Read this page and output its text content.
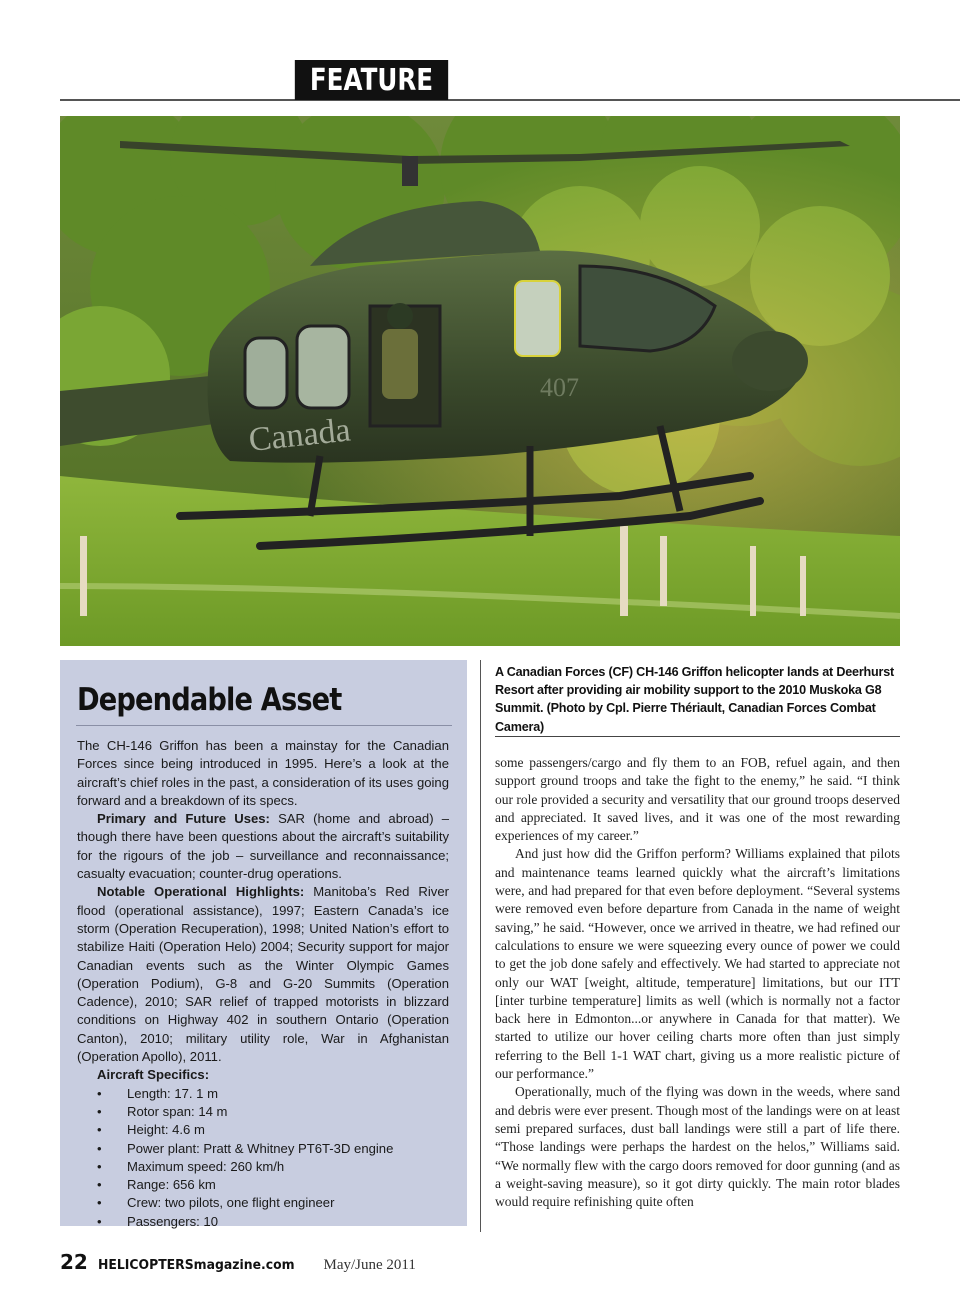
FEATURE
Canada
407
Dependable Asset

The CH-146 Griffon has been a mainstay for the Canadian Forces since being introduced in 1995. Here’s a look at the aircraft’s chief roles in the past, a consideration of its uses going forward and a breakdown of its specs.

Primary and Future Uses: SAR (home and abroad) – though there have been questions about the aircraft’s suitability for the rigours of the job – surveillance and reconnaissance; casualty evacuation; counter-drug operations.

Notable Operational Highlights: Manitoba’s Red River flood (operational assistance), 1997; Eastern Canada’s ice storm (Operation Recuperation), 1998; United Nation’s effort to stabilize Haiti (Operation Helo) 2004; Security support for major Canadian events such as the Winter Olympic Games (Operation Podium), G-8 and G-20 Summits (Operation Cadence), 2010; SAR relief of trapped motorists in blizzard conditions on Highway 402 in southern Ontario (Operation Canton), 2010; military utility role, War in Afghanistan (Operation Apollo), 2011.

Aircraft Specifics:

• Length: 17. 1 m
• Rotor span: 14 m
• Height: 4.6 m
• Power plant: Pratt & Whitney PT6T-3D engine
• Maximum speed: 260 km/h
• Range: 656 km
• Crew: two pilots, one flight engineer
• Passengers: 10
A Canadian Forces (CF) CH-146 Griffon helicopter lands at Deerhurst Resort after providing air mobility support to the 2010 Muskoka G8 Summit. (Photo by Cpl. Pierre Thériault, Canadian Forces Combat Camera)

some passengers/cargo and fly them to an FOB, refuel again, and then support ground troops and take the fight to the enemy,” he said. “I think our role provided a security and versatility that our ground troops deserved and appreciated. It saved lives, and it was one of the most rewarding experiences of my career.”

And just how did the Griffon perform? Williams explained that pilots and maintenance teams learned quickly what the aircraft’s limitations were, and had prepared for that even before deployment. “Several systems were removed even before departure from Canada in the name of weight saving,” he said. “However, once we arrived in theatre, we had refined our calculations to ensure we were squeezing every ounce of power we could to get the job done safely and effectively. We had started to appreciate not only our WAT [weight, altitude, temperature] limitations, but our ITT [inter turbine temperature] limits as well (which is normally not a factor back here in Edmonton...or anywhere in Canada for that matter). We started to utilize our hover ceiling charts more often than just simply referring to the Bell 1-1 WAT chart, giving us a more realistic picture of our performance.”

Operationally, much of the flying was down in the weeds, where sand and debris were ever present. Though most of the landings were on at least semi prepared surfaces, dust ball landings were still a part of life there. “Those landings were perhaps the hardest on the helos,” Williams said. “We normally flew with the cargo doors removed for door gunning (and as a weight-saving measure), so it got dirty quickly. The main rotor blades would require refinishing quite often

22 HELICOPTERSmagazine.com May/June 2011
